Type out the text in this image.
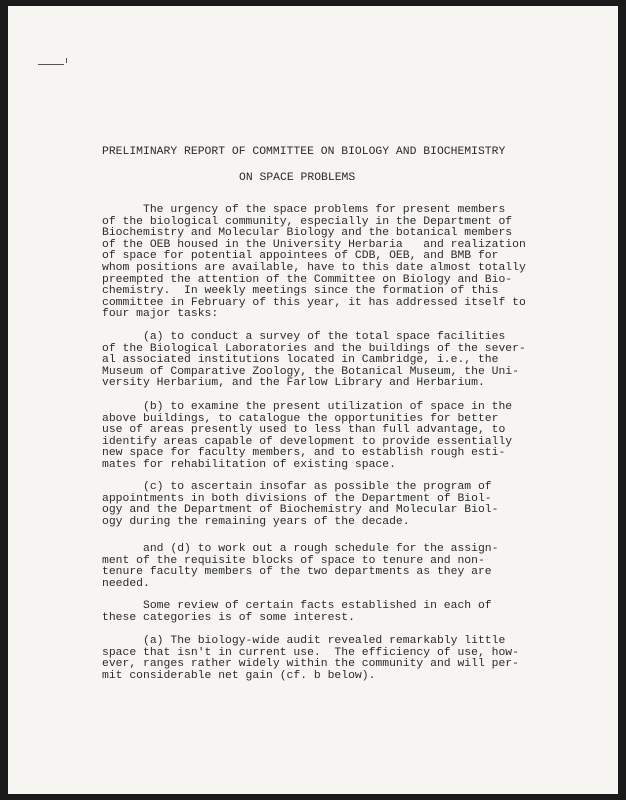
PRELIMINARY REPORT OF COMMITTEE ON BIOLOGY AND BIOCHEMISTRY
ON SPACE PROBLEMS
The urgency of the space problems for present members
of the biological community, especially in the Department of
Biochemistry and Molecular Biology and the botanical members
of the OEB housed in the University Herbaria   and realization
of space for potential appointees of CDB, OEB, and BMB for
whom positions are available, have to this date almost totally
preempted the attention of the Committee on Biology and Bio-
chemistry.  In weekly meetings since the formation of this
committee in February of this year, it has addressed itself to
four major tasks:
(a) to conduct a survey of the total space facilities
of the Biological Laboratories and the buildings of the sever-
al associated institutions located in Cambridge, i.e., the
Museum of Comparative Zoology, the Botanical Museum, the Uni-
versity Herbarium, and the Farlow Library and Herbarium.
(b) to examine the present utilization of space in the
above buildings, to catalogue the opportunities for better
use of areas presently used to less than full advantage, to
identify areas capable of development to provide essentially
new space for faculty members, and to establish rough esti-
mates for rehabilitation of existing space.
(c) to ascertain insofar as possible the program of
appointments in both divisions of the Department of Biol-
ogy and the Department of Biochemistry and Molecular Biol-
ogy during the remaining years of the decade.
and (d) to work out a rough schedule for the assign-
ment of the requisite blocks of space to tenure and non-
tenure faculty members of the two departments as they are
needed.
Some review of certain facts established in each of
these categories is of some interest.
(a) The biology-wide audit revealed remarkably little
space that isn't in current use.  The efficiency of use, how-
ever, ranges rather widely within the community and will per-
mit considerable net gain (cf. b below).
